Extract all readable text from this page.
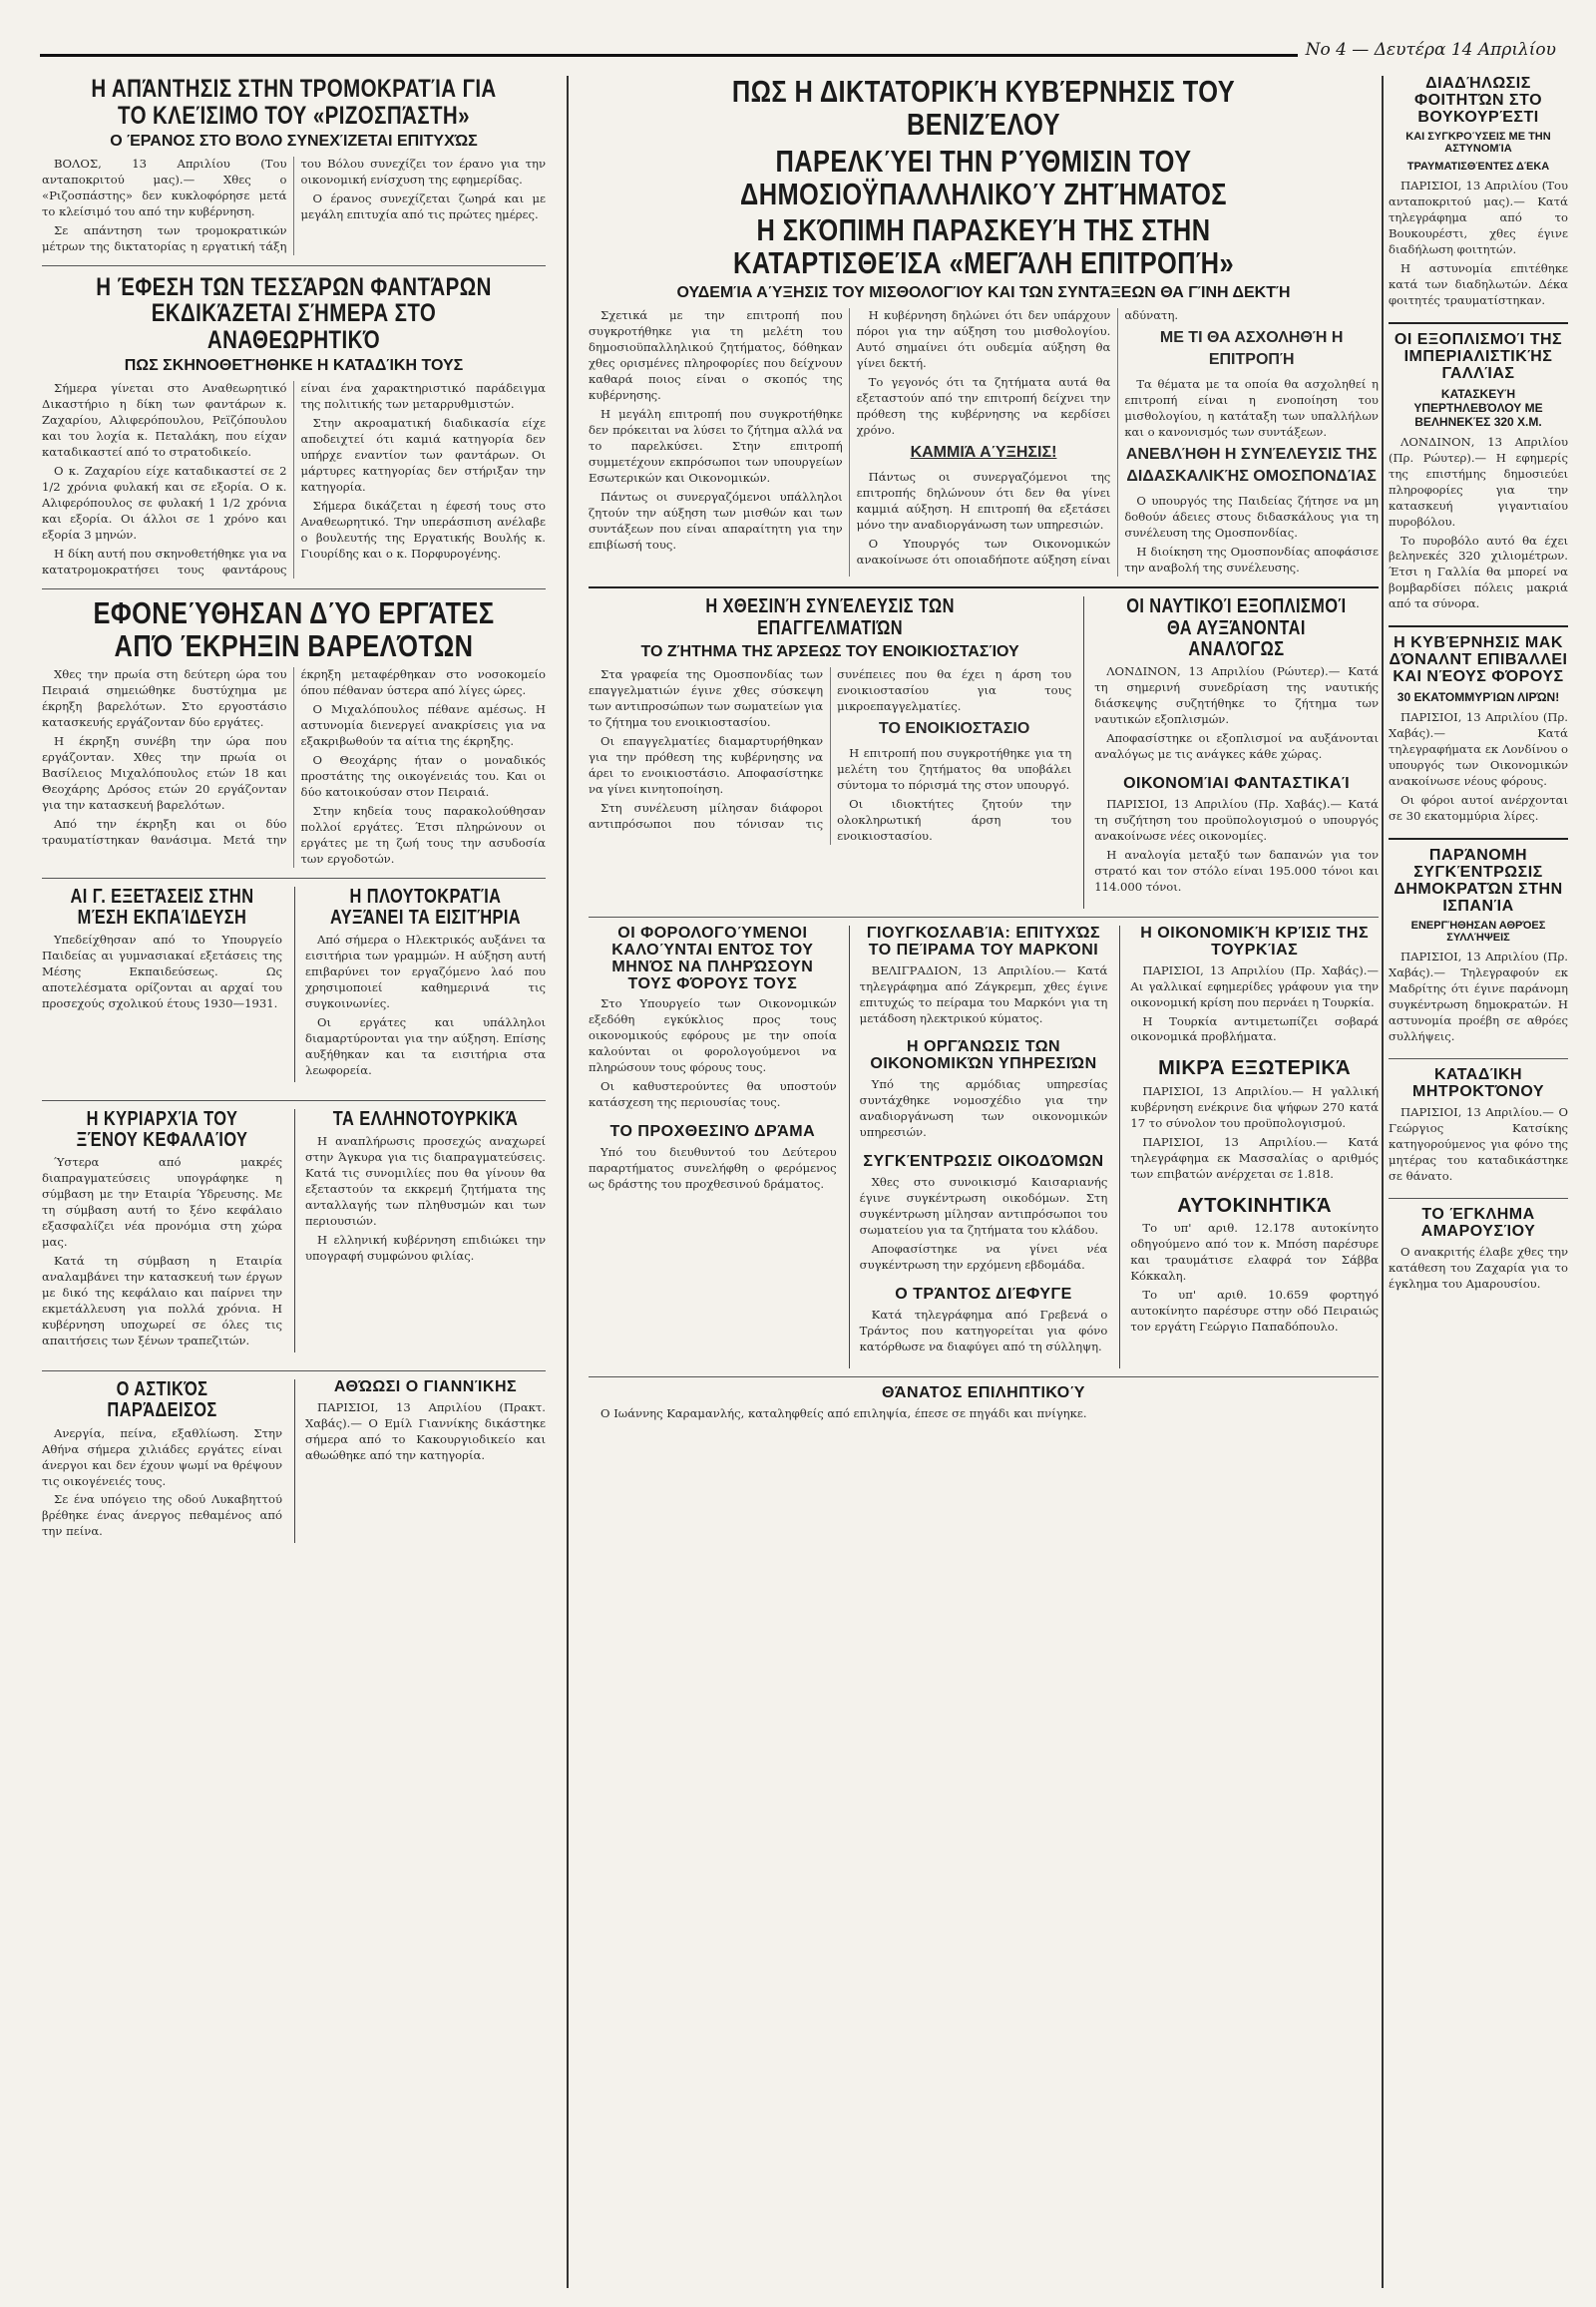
Νο 4 — Δευτέρα 14 Απριλίου
Η ΑΠΆΝΤΗΣΙΣ ΣΤΗΝ ΤΡΟΜΟΚΡΑΤΊΑ ΓΙΑ ΤΟ ΚΛΕΊΣΙΜΟ ΤΟΥ «ΡΙΖΟΣΠΆΣΤΗ»
Ο ΈΡΑΝΟΣ ΣΤΟ ΒΌΛΟ ΣΥΝΕΧΊΖΕΤΑΙ ΕΠΙΤΥΧΏΣ

ΒΟΛΟΣ, 13 Απριλίου (Του ανταποκριτού μας).— Χθες ο «Ριζοσπάστης» δεν κυκλοφόρησε μετά το κλείσιμό του από την κυβέρνηση.

Σε απάντηση των τρομοκρατικών μέτρων της δικτατορίας η εργατική τάξη του Βόλου συνεχίζει τον έρανο για την οικονομική ενίσχυση της εφημερίδας.

Ο έρανος συνεχίζεται ζωηρά και με μεγάλη επιτυχία από τις πρώτες ημέρες.

Η ΈΦΕΣΗ ΤΩΝ ΤΕΣΣΆΡΩΝ ΦΑΝΤΆΡΩΝ ΕΚΔΙΚΆΖΕΤΑΙ ΣΉΜΕΡΑ ΣΤΟ ΑΝΑΘΕΩΡΗΤΙΚΌ
ΠΩΣ ΣΚΗΝΟΘΕΤΉΘΗΚΕ Η ΚΑΤΑΔΊΚΗ ΤΟΥΣ

Σήμερα γίνεται στο Αναθεωρητικό Δικαστήριο η δίκη των φαντάρων κ. Ζαχαρίου, Αλιφερόπουλου, Ρεϊζόπουλου και του λοχία κ. Πεταλάκη, που είχαν καταδικαστεί από το στρατοδικείο.

Ο κ. Ζαχαρίου είχε καταδικαστεί σε 2 1/2 χρόνια φυλακή και σε εξορία. Ο κ. Αλιφερόπουλος σε φυλακή 1 1/2 χρόνια και εξορία. Οι άλλοι σε 1 χρόνο και εξορία 3 μηνών.

Η δίκη αυτή που σκηνοθετήθηκε για να κατατρομοκρατήσει τους φαντάρους είναι ένα χαρακτηριστικό παράδειγμα της πολιτικής των μεταρρυθμιστών.

Στην ακροαματική διαδικασία είχε αποδειχτεί ότι καμιά κατηγορία δεν υπήρχε εναντίον των φαντάρων. Οι μάρτυρες κατηγορίας δεν στήριξαν την κατηγορία.

Σήμερα δικάζεται η έφεσή τους στο Αναθεωρητικό. Την υπεράσπιση ανέλαβε ο βουλευτής της Εργατικής Βουλής κ. Γιουρίδης και ο κ. Πορφυρογένης.

ΕΦΟΝΕΎΘΗΣΑΝ ΔΎΟ ΕΡΓΆΤΕΣ ΑΠΌ ΈΚΡΗΞΙΝ ΒΑΡΕΛΌΤΩΝ

Χθες την πρωία στη δεύτερη ώρα του Πειραιά σημειώθηκε δυστύχημα με έκρηξη βαρελότων. Στο εργοστάσιο κατασκευής εργάζονταν δύο εργάτες.

Η έκρηξη συνέβη την ώρα που εργάζονταν. Χθες την πρωία οι Βασίλειος Μιχαλόπουλος ετών 18 και Θεοχάρης Δρόσος ετών 20 εργάζονταν για την κατασκευή βαρελότων.

Από την έκρηξη και οι δύο τραυματίστηκαν θανάσιμα. Μετά την έκρηξη μεταφέρθηκαν στο νοσοκομείο όπου πέθαναν ύστερα από λίγες ώρες.

Ο Μιχαλόπουλος πέθανε αμέσως. Η αστυνομία διενεργεί ανακρίσεις για να εξακριβωθούν τα αίτια της έκρηξης.

Ο Θεοχάρης ήταν ο μοναδικός προστάτης της οικογένειάς του. Και οι δύο κατοικούσαν στον Πειραιά.

Στην κηδεία τους παρακολούθησαν πολλοί εργάτες. Έτσι πληρώνουν οι εργάτες με τη ζωή τους την ασυδοσία των εργοδοτών.

ΑΙ Γ. ΕΞΕΤΆΣΕΙΣ ΣΤΗΝ ΜΈΣΗ ΕΚΠΑΊΔΕΥΣΗ

Υπεδείχθησαν από το Υπουργείο Παιδείας αι γυμνασιακαί εξετάσεις της Μέσης Εκπαιδεύσεως. Ως αποτελέσματα ορίζονται αι αρχαί του προσεχούς σχολικού έτους 1930—1931.

Η ΠΛΟΥΤΟΚΡΑΤΊΑ ΑΥΞΆΝΕΙ ΤΑ ΕΙΣΙΤΉΡΙΑ

Από σήμερα ο Ηλεκτρικός αυξάνει τα εισιτήρια των γραμμών. Η αύξηση αυτή επιβαρύνει τον εργαζόμενο λαό που χρησιμοποιεί καθημερινά τις συγκοινωνίες.

Οι εργάτες και υπάλληλοι διαμαρτύρονται για την αύξηση. Επίσης αυξήθηκαν και τα εισιτήρια στα λεωφορεία.

Η ΚΥΡΙΑΡΧΊΑ ΤΟΥ ΞΈΝΟΥ ΚΕΦΑΛΑΊΟΥ

Ύστερα από μακρές διαπραγματεύσεις υπογράφηκε η σύμβαση με την Εταιρία Ύδρευσης. Με τη σύμβαση αυτή το ξένο κεφάλαιο εξασφαλίζει νέα προνόμια στη χώρα μας.

Κατά τη σύμβαση η Εταιρία αναλαμβάνει την κατασκευή των έργων με δικό της κεφάλαιο και παίρνει την εκμετάλλευση για πολλά χρόνια. Η κυβέρνηση υποχωρεί σε όλες τις απαιτήσεις των ξένων τραπεζιτών.

ΤΑ ΕΛΛΗΝΟΤΟΥΡΚΙΚΆ

Η αναπλήρωσις προσεχώς αναχωρεί στην Άγκυρα για τις διαπραγματεύσεις. Κατά τις συνομιλίες που θα γίνουν θα εξεταστούν τα εκκρεμή ζητήματα της ανταλλαγής των πληθυσμών και των περιουσιών.

Η ελληνική κυβέρνηση επιδιώκει την υπογραφή συμφώνου φιλίας.

Ο ΑΣΤΙΚΌΣ ΠΑΡΆΔΕΙΣΟΣ

Ανεργία, πείνα, εξαθλίωση. Στην Αθήνα σήμερα χιλιάδες εργάτες είναι άνεργοι και δεν έχουν ψωμί να θρέψουν τις οικογένειές τους.

Σε ένα υπόγειο της οδού Λυκαβηττού βρέθηκε ένας άνεργος πεθαμένος από την πείνα.

ΑΘΏΩΣΙ Ο ΓΙΑΝΝΊΚΗΣ

ΠΑΡΙΣΙΟΙ, 13 Απριλίου (Πρακτ. Χαβάς).— Ο Εμίλ Γιαννίκης δικάστηκε σήμερα από το Κακουργιοδικείο και αθωώθηκε από την κατηγορία.

ΠΩΣ Η ΔΙΚΤΑΤΟΡΙΚΉ ΚΥΒΈΡΝΗΣΙΣ ΤΟΥ ΒΕΝΙΖΈΛΟΥ
ΠΑΡΕΛΚΎΕΙ ΤΗΝ ΡΎΘΜΙΣΙΝ ΤΟΥ ΔΗΜΟΣΙΟΫΠΑΛΛΗΛΙΚΟΎ ΖΗΤΉΜΑΤΟΣ
Η ΣΚΌΠΙΜΗ ΠΑΡΑΣΚΕΥΉ ΤΗΣ ΣΤΗΝ ΚΑΤΑΡΤΙΣΘΕΊΣΑ «ΜΕΓΆΛΗ ΕΠΙΤΡΟΠΉ»
ΟΥΔΕΜΊΑ ΑΎΞΗΣΙΣ ΤΟΥ ΜΙΣΘΟΛΟΓΊΟΥ ΚΑΙ ΤΩΝ ΣΥΝΤΆΞΕΩΝ ΘΑ ΓΊΝΗ ΔΕΚΤΉ

Σχετικά με την επιτροπή που συγκροτήθηκε για τη μελέτη του δημοσιοϋπαλληλικού ζητήματος, δόθηκαν χθες ορισμένες πληροφορίες που δείχνουν καθαρά ποιος είναι ο σκοπός της κυβέρνησης.

Η μεγάλη επιτροπή που συγκροτήθηκε δεν πρόκειται να λύσει το ζήτημα αλλά να το παρελκύσει. Στην επιτροπή συμμετέχουν εκπρόσωποι των υπουργείων Εσωτερικών και Οικονομικών.

Πάντως οι συνεργαζόμενοι υπάλληλοι ζητούν την αύξηση των μισθών και των συντάξεων που είναι απαραίτητη για την επιβίωσή τους.

Η κυβέρνηση δηλώνει ότι δεν υπάρχουν πόροι για την αύξηση του μισθολογίου. Αυτό σημαίνει ότι ουδεμία αύξηση θα γίνει δεκτή.

Το γεγονός ότι τα ζητήματα αυτά θα εξεταστούν από την επιτροπή δείχνει την πρόθεση της κυβέρνησης να κερδίσει χρόνο.

ΚΑΜΜΙΆ ΑΎΞΗΣΙΣ!

Πάντως οι συνεργαζόμενοι της επιτροπής δηλώνουν ότι δεν θα γίνει καμμιά αύξηση. Η επιτροπή θα εξετάσει μόνο την αναδιοργάνωση των υπηρεσιών.

Ο Υπουργός των Οικονομικών ανακοίνωσε ότι οποιαδήποτε αύξηση είναι αδύνατη.

ΜΕ ΤΙ ΘΑ ΑΣΧΟΛΗΘΉ Η ΕΠΙΤΡΟΠΉ

Τα θέματα με τα οποία θα ασχοληθεί η επιτροπή είναι η ενοποίηση του μισθολογίου, η κατάταξη των υπαλλήλων και ο κανονισμός των συντάξεων.

ΑΝΕΒΛΉΘΗ Η ΣΥΝΈΛΕΥΣΙΣ ΤΗΣ ΔΙΔΑΣΚΑΛΙΚΉΣ ΟΜΟΣΠΟΝΔΊΑΣ

Ο υπουργός της Παιδείας ζήτησε να μη δοθούν άδειες στους διδασκάλους για τη συνέλευση της Ομοσπονδίας.

Η διοίκηση της Ομοσπονδίας αποφάσισε την αναβολή της συνέλευσης.

Η ΧΘΕΣΙΝΉ ΣΥΝΈΛΕΥΣΙΣ ΤΩΝ ΕΠΑΓΓΕΛΜΑΤΙΏΝ
ΤΟ ΖΉΤΗΜΑ ΤΗΣ ΆΡΣΕΩΣ ΤΟΥ ΕΝΟΙΚΙΟΣΤΑΣΊΟΥ

Στα γραφεία της Ομοσπονδίας των επαγγελματιών έγινε χθες σύσκεψη των αντιπροσώπων των σωματείων για το ζήτημα του ενοικιοστασίου.

Οι επαγγελματίες διαμαρτυρήθηκαν για την πρόθεση της κυβέρνησης να άρει το ενοικιοστάσιο. Αποφασίστηκε να γίνει κινητοποίηση.

Στη συνέλευση μίλησαν διάφοροι αντιπρόσωποι που τόνισαν τις συνέπειες που θα έχει η άρση του ενοικιοστασίου για τους μικροεπαγγελματίες.

ΤΟ ΕΝΟΙΚΙΟΣΤΆΣΙΟ

Η επιτροπή που συγκροτήθηκε για τη μελέτη του ζητήματος θα υποβάλει σύντομα το πόρισμά της στον υπουργό.

Οι ιδιοκτήτες ζητούν την ολοκληρωτική άρση του ενοικιοστασίου.

ΟΙ ΝΑΥΤΙΚΟΊ ΕΞΟΠΛΙΣΜΟΊ ΘΑ ΑΥΞΆΝΟΝΤΑΙ ΑΝΑΛΌΓΩΣ

ΛΟΝΔΙΝΟΝ, 13 Απριλίου (Ρώυτερ).— Κατά τη σημερινή συνεδρίαση της ναυτικής διάσκεψης συζητήθηκε το ζήτημα των ναυτικών εξοπλισμών.

Αποφασίστηκε οι εξοπλισμοί να αυξάνονται αναλόγως με τις ανάγκες κάθε χώρας.

ΟΙΚΟΝΟΜΊΑΙ ΦΑΝΤΑΣΤΙΚΑΊ

ΠΑΡΙΣΙΟΙ, 13 Απριλίου (Πρ. Χαβάς).— Κατά τη συζήτηση του προϋπολογισμού ο υπουργός ανακοίνωσε νέες οικονομίες.

Η αναλογία μεταξύ των δαπανών για τον στρατό και τον στόλο είναι 195.000 τόνοι και 114.000 τόνοι.

ΟΙ ΦΟΡΟΛΟΓΟΎΜΕΝΟΙ ΚΑΛΟΎΝΤΑΙ ΕΝΤΌΣ ΤΟΥ ΜΗΝΌΣ ΝΑ ΠΛΗΡΏΣΟΥΝ ΤΟΥΣ ΦΌΡΟΥΣ ΤΟΥΣ

Στο Υπουργείο των Οικονομικών εξεδόθη εγκύκλιος προς τους οικονομικούς εφόρους με την οποία καλούνται οι φορολογούμενοι να πληρώσουν τους φόρους τους.

Οι καθυστερούντες θα υποστούν κατάσχεση της περιουσίας τους.

ΤΟ ΠΡΟΧΘΕΣΙΝΌ ΔΡΆΜΑ

Υπό του διευθυντού του Δεύτερου παραρτήματος συνελήφθη ο φερόμενος ως δράστης του προχθεσινού δράματος.

ΓΙΟΥΓΚΟΣΛΑΒΊΑ: ΕΠΙΤΥΧΏΣ ΤΟ ΠΕΊΡΑΜΑ ΤΟΥ ΜΑΡΚΌΝΙ

ΒΕΛΙΓΡΑΔΙΟΝ, 13 Απριλίου.— Κατά τηλεγράφημα από Ζάγκρεμπ, χθες έγινε επιτυχώς το πείραμα του Μαρκόνι για τη μετάδοση ηλεκτρικού κύματος.

Η ΟΡΓΆΝΩΣΙΣ ΤΩΝ ΟΙΚΟΝΟΜΙΚΏΝ ΥΠΗΡΕΣΙΏΝ

Υπό της αρμόδιας υπηρεσίας συντάχθηκε νομοσχέδιο για την αναδιοργάνωση των οικονομικών υπηρεσιών.

ΣΥΓΚΈΝΤΡΩΣΙΣ ΟΙΚΟΔΌΜΩΝ

Χθες στο συνοικισμό Καισαριανής έγινε συγκέντρωση οικοδόμων. Στη συγκέντρωση μίλησαν αντιπρόσωποι του σωματείου για τα ζητήματα του κλάδου.

Αποφασίστηκε να γίνει νέα συγκέντρωση την ερχόμενη εβδομάδα.

Ο ΤΡΆΝΤΟΣ ΔΙΈΦΥΓΕ

Κατά τηλεγράφημα από Γρεβενά ο Τράντος που κατηγορείται για φόνο κατόρθωσε να διαφύγει από τη σύλληψη.

Η ΟΙΚΟΝΟΜΙΚΉ ΚΡΊΣΙΣ ΤΗΣ ΤΟΥΡΚΊΑΣ

ΠΑΡΙΣΙΟΙ, 13 Απριλίου (Πρ. Χαβάς).— Αι γαλλικαί εφημερίδες γράφουν για την οικονομική κρίση που περνάει η Τουρκία.

Η Τουρκία αντιμετωπίζει σοβαρά οικονομικά προβλήματα.

ΜΙΚΡΆ ΕΞΩΤΕΡΙΚΆ

ΠΑΡΙΣΙΟΙ, 13 Απριλίου.— Η γαλλική κυβέρνηση ενέκρινε δια ψήφων 270 κατά 17 το σύνολον του προϋπολογισμού.

ΠΑΡΙΣΙΟΙ, 13 Απριλίου.— Κατά τηλεγράφημα εκ Μασσαλίας ο αριθμός των επιβατών ανέρχεται σε 1.818.

ΑΥΤΟΚΙΝΗΤΙΚΆ

Το υπ' αριθ. 12.178 αυτοκίνητο οδηγούμενο από τον κ. Μπόση παρέσυρε και τραυμάτισε ελαφρά τον Σάββα Κόκκαλη.

Το υπ' αριθ. 10.659 φορτηγό αυτοκίνητο παρέσυρε στην οδό Πειραιώς τον εργάτη Γεώργιο Παπαδόπουλο.

ΘΆΝΑΤΟΣ ΕΠΙΛΗΠΤΙΚΟΎ

Ο Ιωάννης Καραμανλής, καταληφθείς από επιληψία, έπεσε σε πηγάδι και πνίγηκε.

ΔΙΑΔΉΛΩΣΙΣ ΦΟΙΤΗΤΏΝ ΣΤΟ ΒΟΥΚΟΥΡΈΣΤΙ
ΚΑΙ ΣΥΓΚΡΟΎΣΕΙΣ ΜΕ ΤΗΝ ΑΣΤΥΝΟΜΊΑ
ΤΡΑΥΜΑΤΙΣΘΈΝΤΕΣ ΔΈΚΑ

ΠΑΡΙΣΙΟΙ, 13 Απριλίου (Του ανταποκριτού μας).— Κατά τηλεγράφημα από το Βουκουρέστι, χθες έγινε διαδήλωση φοιτητών.

Η αστυνομία επιτέθηκε κατά των διαδηλωτών. Δέκα φοιτητές τραυματίστηκαν.

ΟΙ ΕΞΟΠΛΙΣΜΟΊ ΤΗΣ ΙΜΠΕΡΙΑΛΙΣΤΙΚΉΣ ΓΑΛΛΊΑΣ
ΚΑΤΑΣΚΕΥΉ ΥΠΕΡΤΗΛΕΒΌΛΟΥ ΜΕ ΒΕΛΗΝΕΚΈΣ 320 Χ.Μ.

ΛΟΝΔΙΝΟΝ, 13 Απριλίου (Πρ. Ρώυτερ).— Η εφημερίς της επιστήμης δημοσιεύει πληροφορίες για την κατασκευή γιγαντιαίου πυροβόλου.

Το πυροβόλο αυτό θα έχει βεληνεκές 320 χιλιομέτρων. Έτσι η Γαλλία θα μπορεί να βομβαρδίσει πόλεις μακριά από τα σύνορα.

Η ΚΥΒΈΡΝΗΣΙΣ ΜΑΚ ΔΌΝΑΛΝΤ ΕΠΙΒΆΛΛΕΙ ΚΑΙ ΝΈΟΥΣ ΦΌΡΟΥΣ
30 ΕΚΑΤΟΜΜΥΡΊΩΝ ΛΙΡΏΝ!

ΠΑΡΙΣΙΟΙ, 13 Απριλίου (Πρ. Χαβάς).— Κατά τηλεγραφήματα εκ Λονδίνου ο υπουργός των Οικονομικών ανακοίνωσε νέους φόρους.

Οι φόροι αυτοί ανέρχονται σε 30 εκατομμύρια λίρες.

ΠΑΡΆΝΟΜΗ ΣΥΓΚΈΝΤΡΩΣΙΣ ΔΗΜΟΚΡΑΤΏΝ ΣΤΗΝ ΙΣΠΑΝΊΑ
ΕΝΕΡΓΉΘΗΣΑΝ ΑΘΡΌΕΣ ΣΥΛΛΉΨΕΙΣ

ΠΑΡΙΣΙΟΙ, 13 Απριλίου (Πρ. Χαβάς).— Τηλεγραφούν εκ Μαδρίτης ότι έγινε παράνομη συγκέντρωση δημοκρατών. Η αστυνομία προέβη σε αθρόες συλλήψεις.

ΚΑΤΑΔΊΚΗ ΜΗΤΡΟΚΤΌΝΟΥ

ΠΑΡΙΣΙΟΙ, 13 Απριλίου.— Ο Γεώργιος Κατσίκης κατηγορούμενος για φόνο της μητέρας του καταδικάστηκε σε θάνατο.

ΤΟ ΈΓΚΛΗΜΑ ΑΜΑΡΟΥΣΊΟΥ

Ο ανακριτής έλαβε χθες την κατάθεση του Ζαχαρία για το έγκλημα του Αμαρουσίου.
